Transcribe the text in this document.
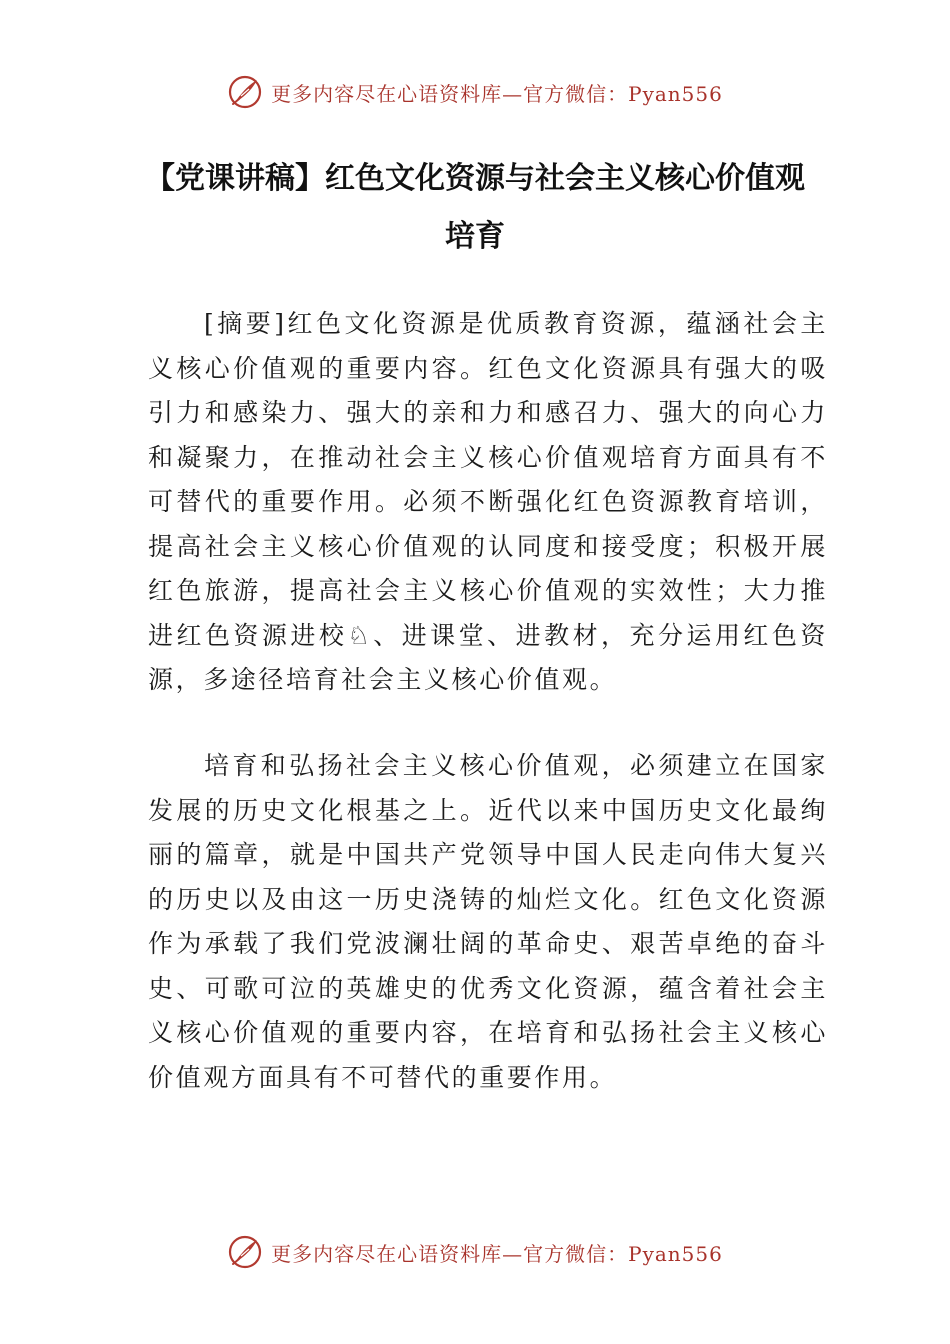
更多内容尽在心语资料库—官方微信：Pyan556
【党课讲稿】红色文化资源与社会主义核心价值观培育

[摘要]红色文化资源是优质教育资源，蕴涵社会主义核心价值观的重要内容。红色文化资源具有强大的吸引力和感染力、强大的亲和力和感召力、强大的向心力和凝聚力，在推动社会主义核心价值观培育方面具有不可替代的重要作用。必须不断强化红色资源教育培训，提高社会主义核心价值观的认同度和接受度；积极开展红色旅游，提高社会主义核心价值观的实效性；大力推进红色资源进校♘、进课堂、进教材，充分运用红色资源，多途径培育社会主义核心价值观。

培育和弘扬社会主义核心价值观，必须建立在国家发展的历史文化根基之上。近代以来中国历史文化最绚丽的篇章，就是中国共产党领导中国人民走向伟大复兴的历史以及由这一历史浇铸的灿烂文化。红色文化资源作为承载了我们党波澜壮阔的革命史、艰苦卓绝的奋斗史、可歌可泣的英雄史的优秀文化资源，蕴含着社会主义核心价值观的重要内容，在培育和弘扬社会主义核心价值观方面具有不可替代的重要作用。

更多内容尽在心语资料库—官方微信：Pyan556
